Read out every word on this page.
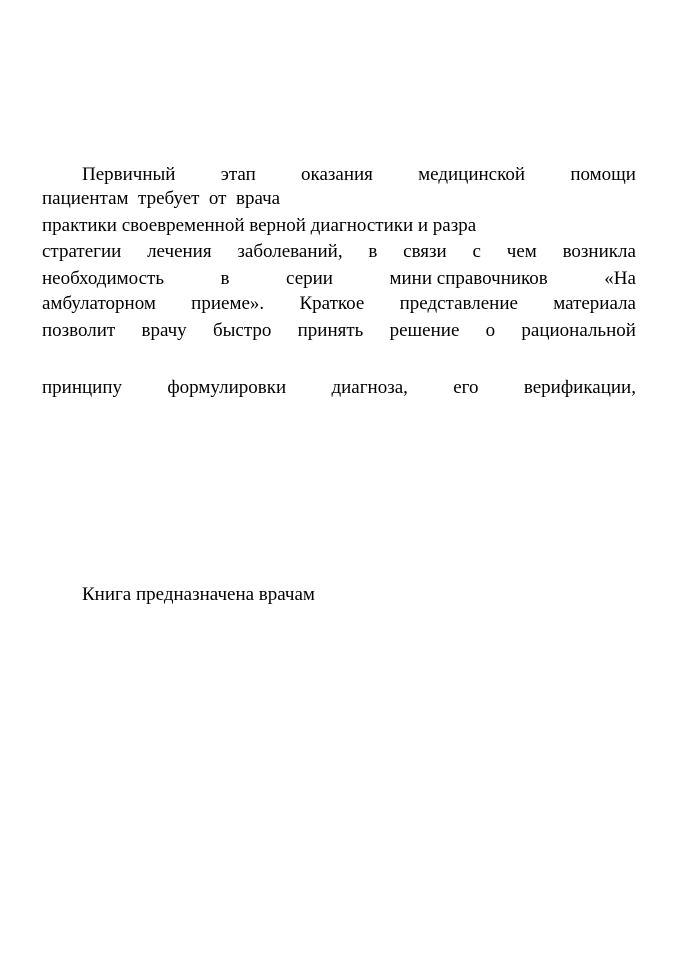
Первичный этап оказания медицинской помощи
пациентам  требует  от  врача
практики своевременной верной диагностики и разра
стратегии лечения заболеваний, в связи с чем возникла
необходимость	в	серии	мини справочников	«На
амбулаторном приеме». Краткое представление материала
позволит врачу быстро принять решение о рациональной
принципу формулировки диагноза, его верификации,
Книга предназначена врачам
